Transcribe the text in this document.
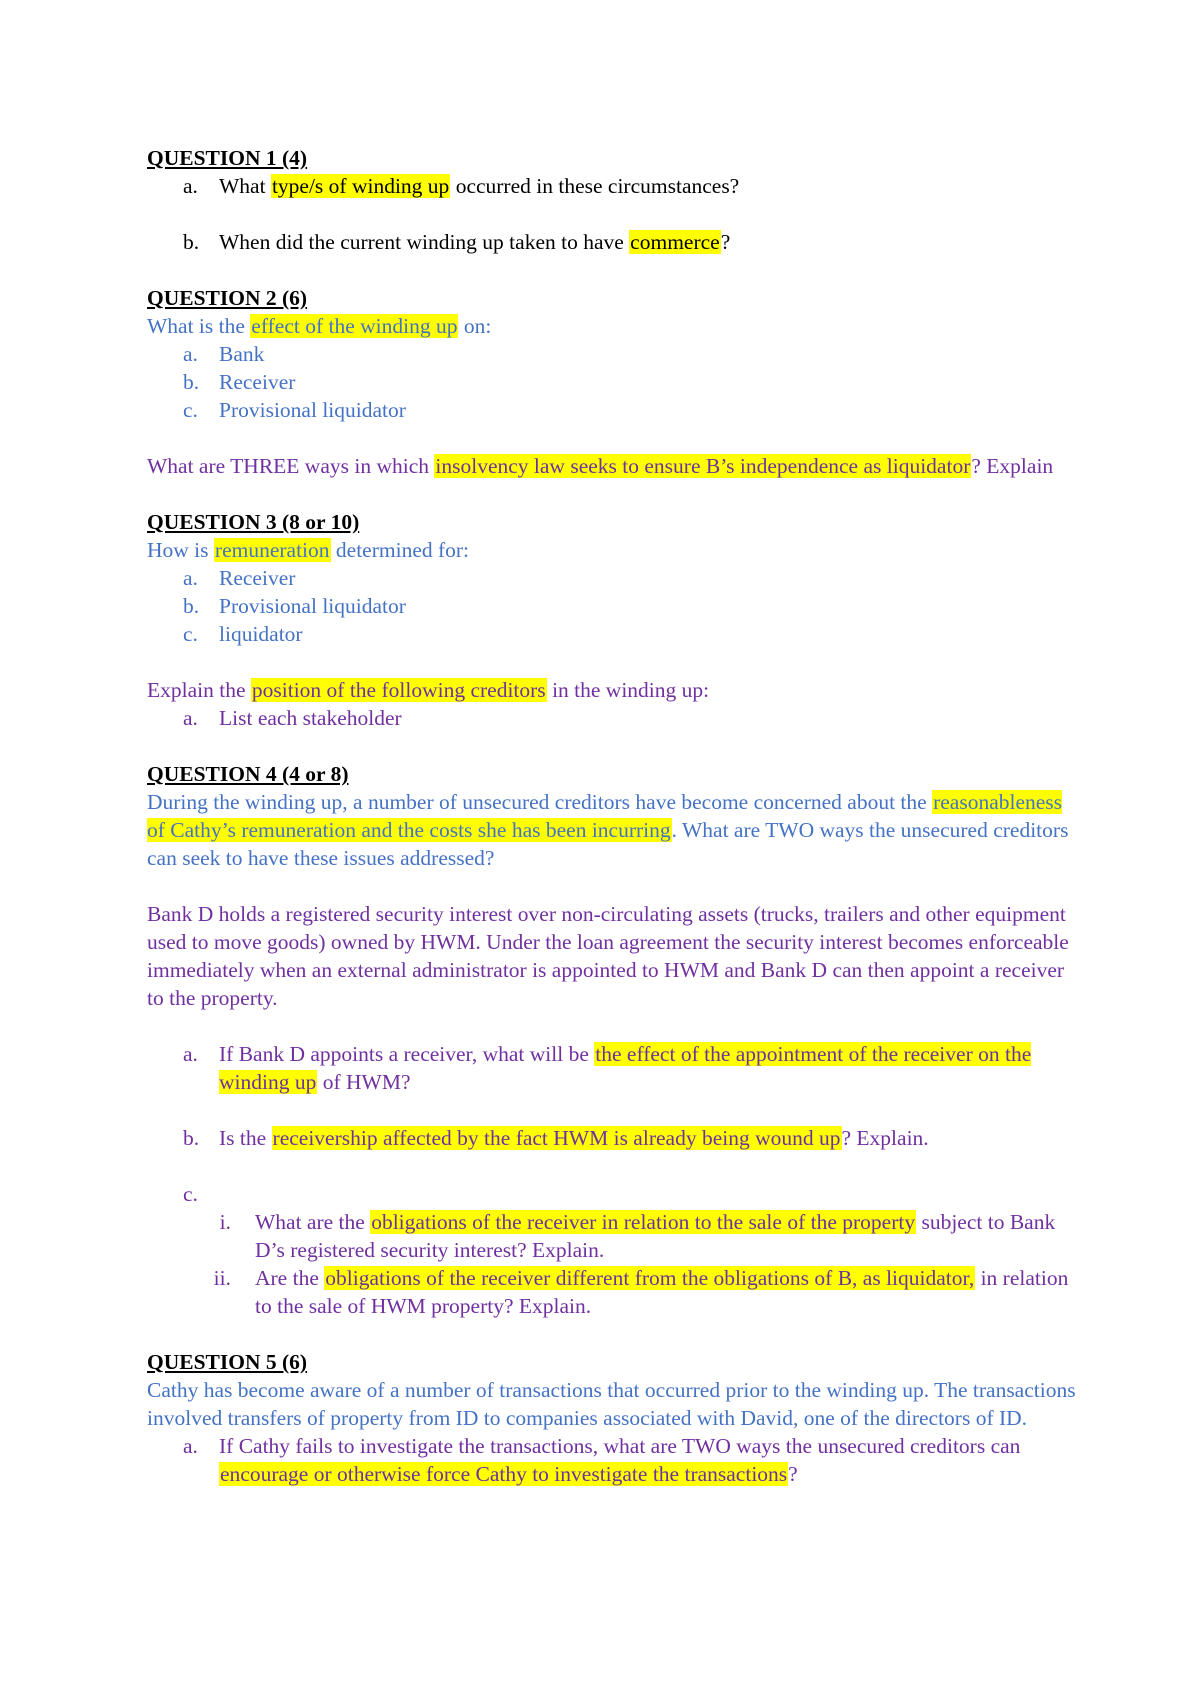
QUESTION 1 (4)
a. What type/s of winding up occurred in these circumstances?
b. When did the current winding up taken to have commerce?
QUESTION 2 (6)
What is the effect of the winding up on:
a. Bank
b. Receiver
c. Provisional liquidator
What are THREE ways in which insolvency law seeks to ensure B’s independence as liquidator? Explain
QUESTION 3 (8 or 10)
How is remuneration determined for:
a. Receiver
b. Provisional liquidator
c. liquidator
Explain the position of the following creditors in the winding up:
a. List each stakeholder
QUESTION 4 (4 or 8)
During the winding up, a number of unsecured creditors have become concerned about the reasonableness of Cathy’s remuneration and the costs she has been incurring. What are TWO ways the unsecured creditors can seek to have these issues addressed?
Bank D holds a registered security interest over non-circulating assets (trucks, trailers and other equipment used to move goods) owned by HWM. Under the loan agreement the security interest becomes enforceable immediately when an external administrator is appointed to HWM and Bank D can then appoint a receiver to the property.
a. If Bank D appoints a receiver, what will be the effect of the appointment of the receiver on the winding up of HWM?
b. Is the receivership affected by the fact HWM is already being wound up? Explain.
c.

i. What are the obligations of the receiver in relation to the sale of the property subject to Bank D’s registered security interest? Explain.
ii. Are the obligations of the receiver different from the obligations of B, as liquidator, in relation to the sale of HWM property? Explain.
QUESTION 5 (6)
Cathy has become aware of a number of transactions that occurred prior to the winding up. The transactions involved transfers of property from ID to companies associated with David, one of the directors of ID.
a. If Cathy fails to investigate the transactions, what are TWO ways the unsecured creditors can encourage or otherwise force Cathy to investigate the transactions?
